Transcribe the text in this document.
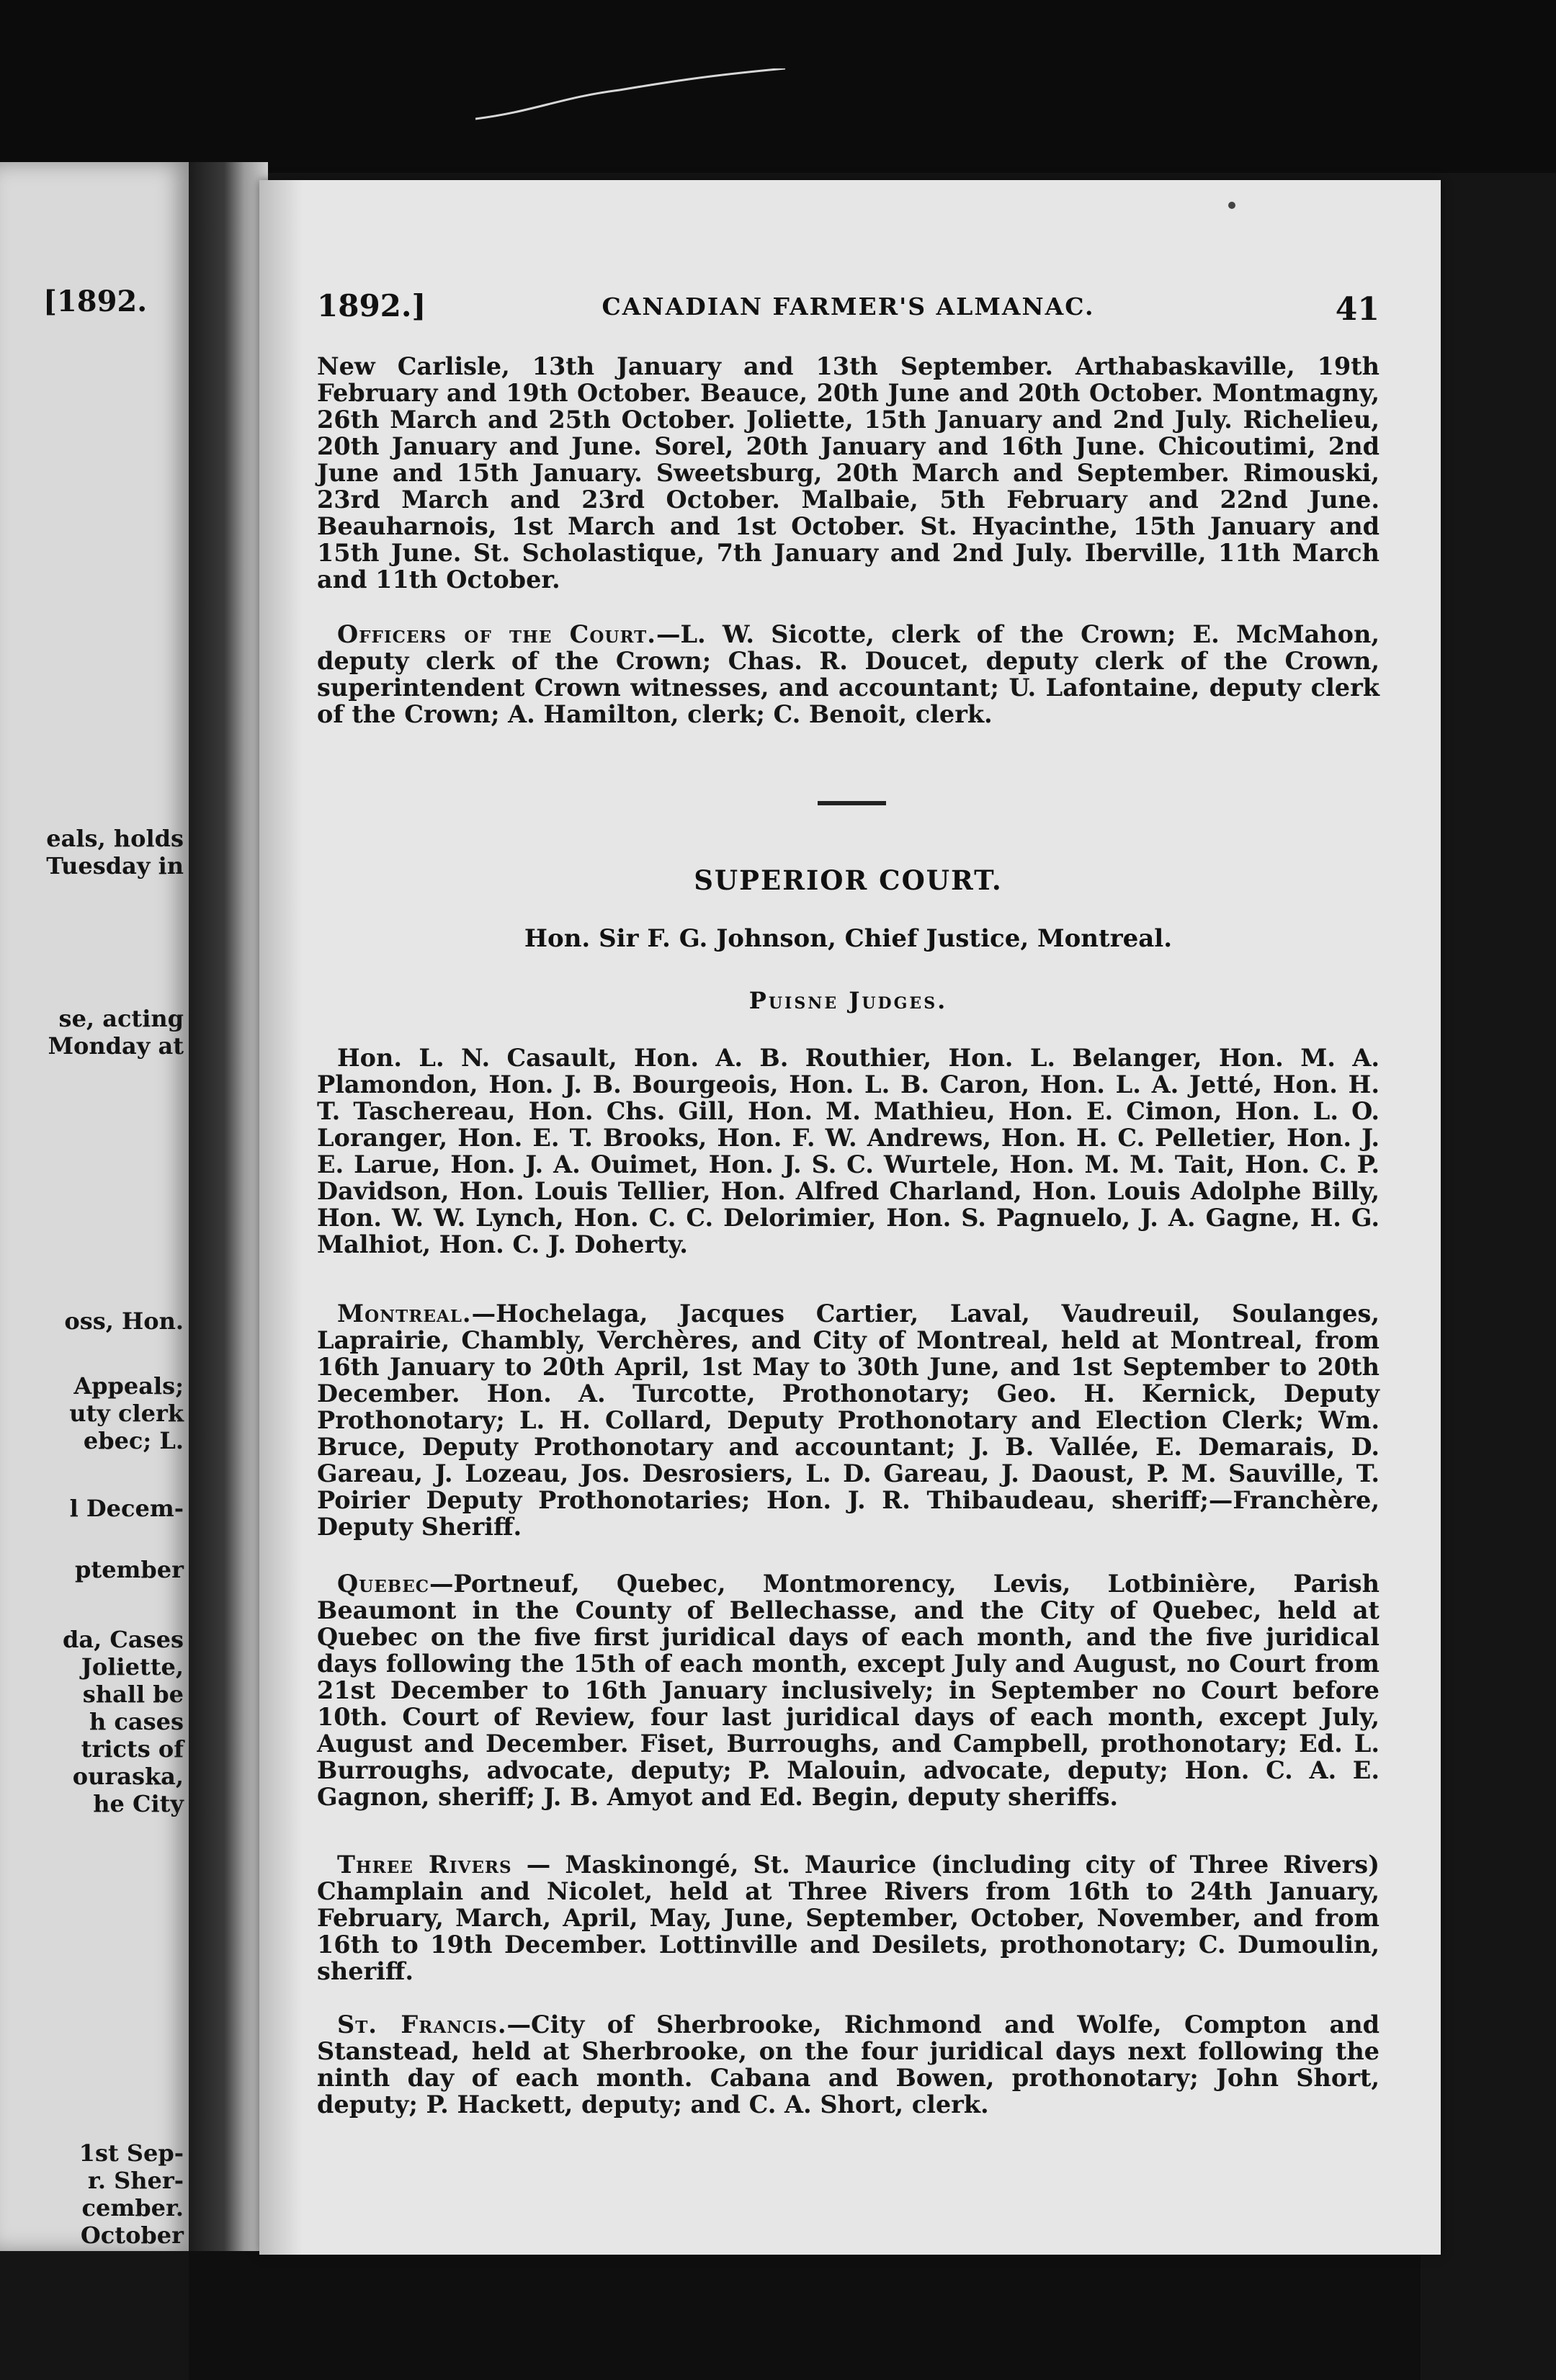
[1892.
eals, holds
Tuesday in
se, acting
Monday at
oss, Hon.
Appeals;
uty clerk
ebec; L.
l Decem-
ptember
da, Cases
Joliette,
shall be
h cases
tricts of
ouraska,
he City
1st Sep-
r. Sher-
cember.
October
1892.]	CANADIAN FARMER'S ALMANAC.	41
New Carlisle, 13th January and 13th September. Arthabaskaville, 19th February and 19th October. Beauce, 20th June and 20th October. Montmagny, 26th March and 25th October. Joliette, 15th January and 2nd July. Richelieu, 20th January and June. Sorel, 20th January and 16th June. Chicoutimi, 2nd June and 15th January. Sweetsburg, 20th March and September. Rimouski, 23rd March and 23rd October. Malbaie, 5th February and 22nd June. Beauharnois, 1st March and 1st October. St. Hyacinthe, 15th January and 15th June. St. Scholastique, 7th January and 2nd July. Iberville, 11th March and 11th October.
Officers of the Court.—L. W. Sicotte, clerk of the Crown; E. McMahon, deputy clerk of the Crown; Chas. R. Doucet, deputy clerk of the Crown, superintendent Crown witnesses, and accountant; U. Lafontaine, deputy clerk of the Crown; A. Hamilton, clerk; C. Benoit, clerk.
SUPERIOR COURT.
Hon. Sir F. G. Johnson, Chief Justice, Montreal.
Puisne Judges.
Hon. L. N. Casault, Hon. A. B. Routhier, Hon. L. Belanger, Hon. M. A. Plamondon, Hon. J. B. Bourgeois, Hon. L. B. Caron, Hon. L. A. Jetté, Hon. H. T. Taschereau, Hon. Chs. Gill, Hon. M. Mathieu, Hon. E. Cimon, Hon. L. O. Loranger, Hon. E. T. Brooks, Hon. F. W. Andrews, Hon. H. C. Pelletier, Hon. J. E. Larue, Hon. J. A. Ouimet, Hon. J. S. C. Wurtele, Hon. M. M. Tait, Hon. C. P. Davidson, Hon. Louis Tellier, Hon. Alfred Charland, Hon. Louis Adolphe Billy, Hon. W. W. Lynch, Hon. C. C. Delorimier, Hon. S. Pagnuelo, J. A. Gagne, H. G. Malhiot, Hon. C. J. Doherty.
Montreal.—Hochelaga, Jacques Cartier, Laval, Vaudreuil, Soulanges, Laprairie, Chambly, Verchères, and City of Montreal, held at Montreal, from 16th January to 20th April, 1st May to 30th June, and 1st September to 20th December. Hon. A. Turcotte, Prothonotary; Geo. H. Kernick, Deputy Prothonotary; L. H. Collard, Deputy Prothonotary and Election Clerk; Wm. Bruce, Deputy Prothonotary and accountant; J. B. Vallée, E. Demarais, D. Gareau, J. Lozeau, Jos. Desrosiers, L. D. Gareau, J. Daoust, P. M. Sauville, T. Poirier Deputy Prothonotaries; Hon. J. R. Thibaudeau, sheriff;—Franchère, Deputy Sheriff.
Quebec—Portneuf, Quebec, Montmorency, Levis, Lotbinière, Parish Beaumont in the County of Bellechasse, and the City of Quebec, held at Quebec on the five first juridical days of each month, and the five juridical days following the 15th of each month, except July and August, no Court from 21st December to 16th January inclusively; in September no Court before 10th. Court of Review, four last juridical days of each month, except July, August and December. Fiset, Burroughs, and Campbell, prothonotary; Ed. L. Burroughs, advocate, deputy; P. Malouin, advocate, deputy; Hon. C. A. E. Gagnon, sheriff; J. B. Amyot and Ed. Begin, deputy sheriffs.
Three Rivers — Maskinongé, St. Maurice (including city of Three Rivers) Champlain and Nicolet, held at Three Rivers from 16th to 24th January, February, March, April, May, June, September, October, November, and from 16th to 19th December. Lottinville and Desilets, prothonotary; C. Dumoulin, sheriff.
St. Francis.—City of Sherbrooke, Richmond and Wolfe, Compton and Stanstead, held at Sherbrooke, on the four juridical days next following the ninth day of each month. Cabana and Bowen, prothonotary; John Short, deputy; P. Hackett, deputy; and C. A. Short, clerk.
